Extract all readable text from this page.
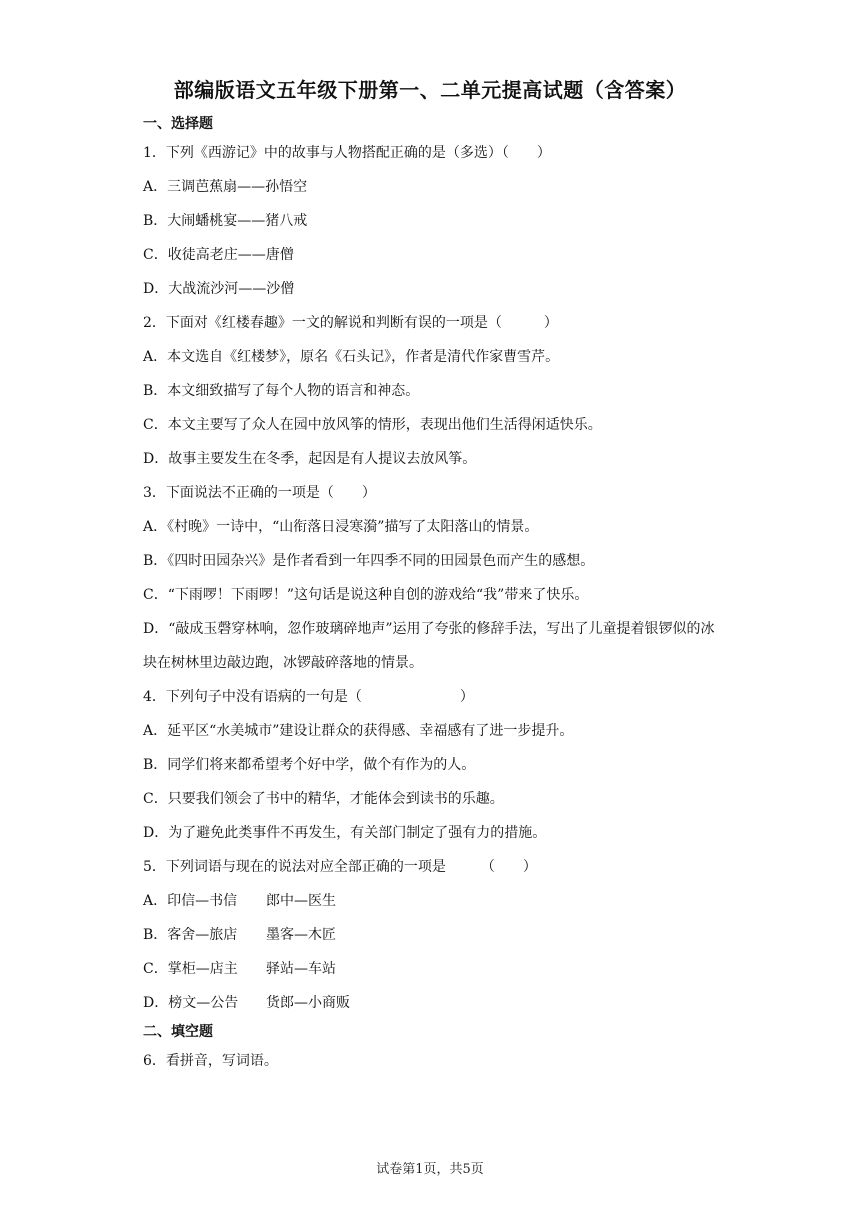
部编版语文五年级下册第一、二单元提高试题（含答案）
一、选择题
1．下列《西游记》中的故事与人物搭配正确的是（多选）（　　）
A．三调芭蕉扇——孙悟空
B．大闹蟠桃宴——猪八戒
C．收徒高老庄——唐僧
D．大战流沙河——沙僧
2．下面对《红楼春趣》一文的解说和判断有误的一项是（　　　）
A．本文选自《红楼梦》，原名《石头记》，作者是清代作家曹雪芹。
B．本文细致描写了每个人物的语言和神态。
C．本文主要写了众人在园中放风筝的情形，表现出他们生活得闲适快乐。
D．故事主要发生在冬季，起因是有人提议去放风筝。
3．下面说法不正确的一项是（　　）
A．《村晚》一诗中，“山衔落日浸寒漪”描写了太阳落山的情景。
B．《四时田园杂兴》是作者看到一年四季不同的田园景色而产生的感想。
C．“下雨啰！下雨啰！”这句话是说这种自创的游戏给“我”带来了快乐。
D．“敲成玉磬穿林响，忽作玻璃碎地声”运用了夸张的修辞手法，写出了儿童提着银锣似的冰块在树林里边敲边跑，冰锣敲碎落地的情景。
4．下列句子中没有语病的一句是（　　　　　　　）
A．延平区“水美城市”建设让群众的获得感、幸福感有了进一步提升。
B．同学们将来都希望考个好中学，做个有作为的人。
C．只要我们领会了书中的精华，才能体会到读书的乐趣。
D．为了避免此类事件不再发生，有关部门制定了强有力的措施。
5．下列词语与现在的说法对应全部正确的一项是　　　（　　）
A．印信—书信 郎中—医生
B．客舍—旅店 墨客—木匠
C．掌柜—店主 驿站—车站
D．榜文—公告 货郎—小商贩
二、填空题
6．看拼音，写词语。
试卷第1页，共5页
